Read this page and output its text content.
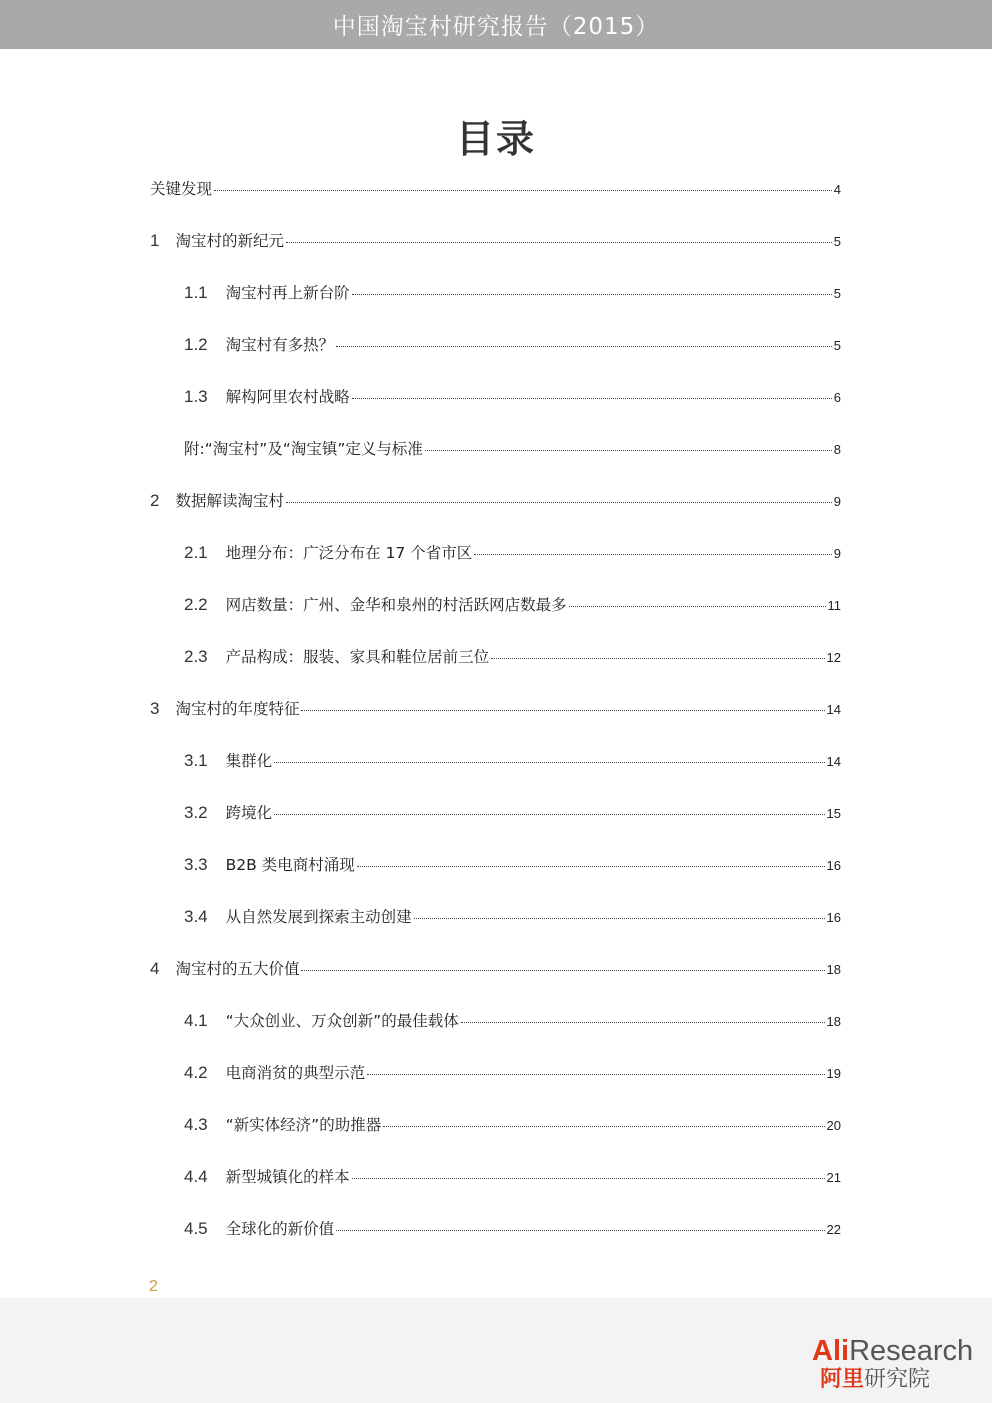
中国淘宝村研究报告（2015）
目录
关键发现	4
1 淘宝村的新纪元	5
1.1 淘宝村再上新台阶	5
1.2 淘宝村有多热？	5
1.3 解构阿里农村战略	6
附:“淘宝村”及“淘宝镇”定义与标准	8
2 数据解读淘宝村	9
2.1 地理分布：广泛分布在 17 个省市区	9
2.2 网店数量：广州、金华和泉州的村活跃网店数最多	11
2.3 产品构成：服装、家具和鞋位居前三位	12
3 淘宝村的年度特征	14
3.1 集群化	14
3.2 跨境化	15
3.3 B2B 类电商村涌现	16
3.4 从自然发展到探索主动创建	16
4 淘宝村的五大价值	18
4.1 “大众创业、万众创新”的最佳载体	18
4.2 电商消贫的典型示范	19
4.3 “新实体经济”的助推器	20
4.4 新型城镇化的样本	21
4.5 全球化的新价值	22
2
AliResearch
阿里研究院
